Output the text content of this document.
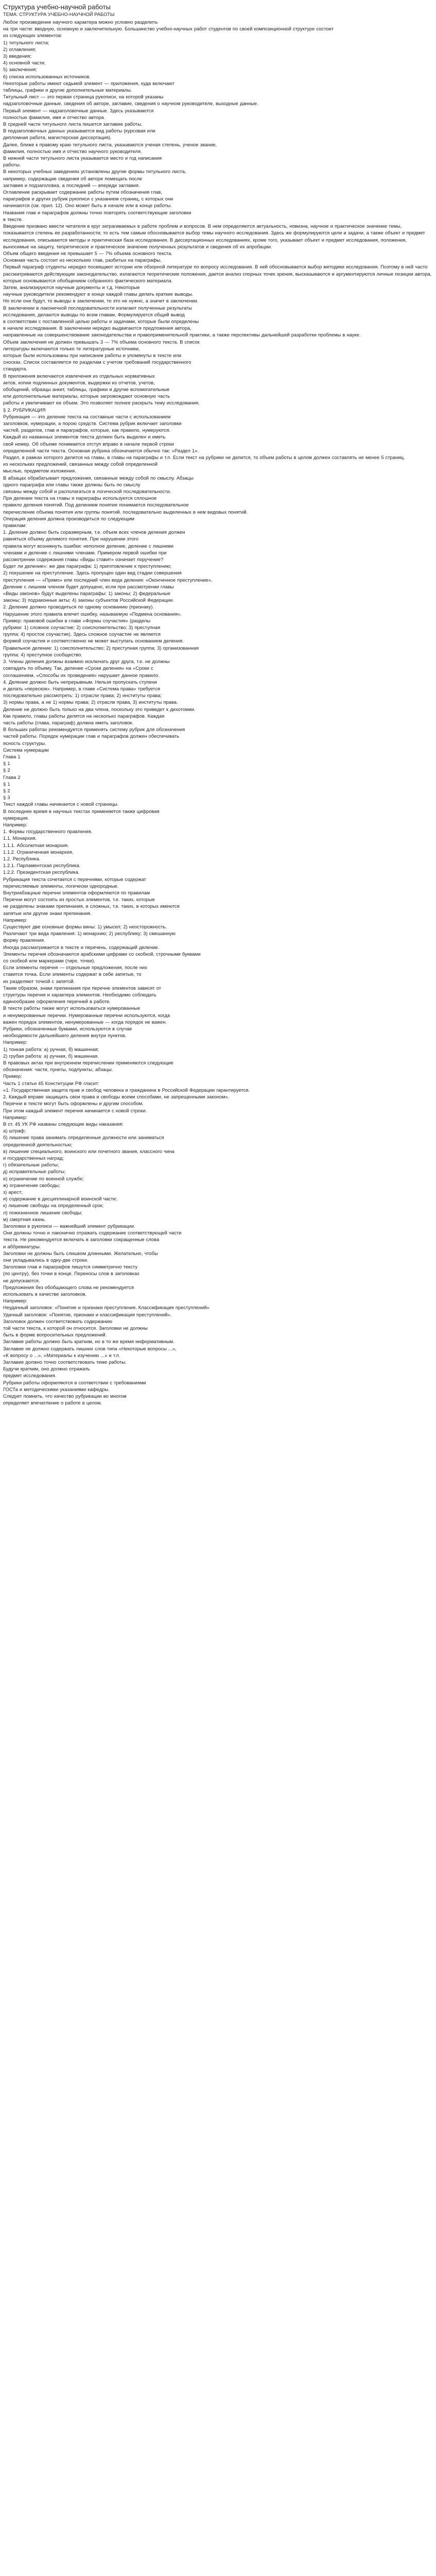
Структура учебно-научной работы
ТЕМА: СТРУКТУРА УЧЕБНО-НАУЧНОЙ РАБОТЫ
Любое произведение научного характера можно условно разделить
на три части: вводную, основную и заключительную. Большинство учебно-научных работ студентов по своей композиционной структуре состоит
из следующих элементов:
1) титульного листа;
2) оглавления;
3) введения;
4) основной части;
5) заключения;
6) списка использованных источников.
Некоторые работы имеют седьмой элемент — приложения, куда включают
таблицы, графики и другие дополнительные материалы.
Титульный лист — это первая страница рукописи, на которой указаны
надзаголовочные данные, сведения об авторе, заглавие, сведения о научном руководителе, выходные данные.
Первый элемент — надзаголовочные данные. Здесь указываются
полностью фамилия, имя и отчество автора.
В средней части титульного листа пишется заглавие работы.
В подзаголовочных данных указывается вид работы (курсовая или
дипломная работа, магистерская диссертация).
Далее, ближе к правому краю титульного листа, указываются ученая степень, ученое звание,
фамилия, полностью имя и отчество научного руководителя.
В нижней части титульного листа указывается место и год написания
работы.
В некоторых учебных заведениях установлены другие формы титульного листа,
например, содержащие сведения об авторе помещать после
заглавия и подзаголовка, а последний — впереди заглавия.
Оглавление раскрывает содержание работы путем обозначения глав,
параграфов и других рубрик рукописи с указанием страниц, с которых они
начинаются (см. прил. 12). Оно может быть в начале или в конце работы.
Названия глав и параграфов должны точно повторять соответствующие заголовки
в тексте.
Введение призвано ввести читателя в круг затрагиваемых в работе проблем и вопросов. В нем определяются актуальность, новизна, научное и практическое значение темы, показывается степень ее разработанности; то есть тем самым обосновывается выбор темы научного исследования. Здесь же формулируются цели и задачи, а также объект и предмет исследования, описываются методы и практическая база исследования. В диссертационных исследованиях, кроме того, указывает объект и предмет исследования, положения, выносимые на защиту, теоретическое и практическое значение полученных результатов и сведения об их апробации.
Объем общего введения не превышает 5 — 7% объема основного текста.
Основная часть состоит из нескольких глав, разбитых на параграфы.
Первый параграф студенты нередко посвящают истории или обзорной литературе по вопросу исследования. В ней обосновывается выбор методики исследования. Поэтому в ней часто рассматриваются действующие законодательство, излагаются теоретические положения, дается анализ спорных точек зрения, высказываются и аргументируются личные позиции автора, которые основываются обобщением собранного фактического материала.
Затем, анализируются научные документы и т.д. Некоторые
научные руководители рекомендуют в конце каждой главы делать краткие выводы.
Но если они будут, то выводы в заключении, то это не нужно, а значит в заключении.
В заключении в лаконичной последовательности излагают полученные результаты
исследования, делаются выводы по всем главам. Формулируется общий вывод
в соответствии с поставленной целью работы и задачами, которые были определены
в начале исследования. В заключении нередко выдвигаются предложения автора,
направленные на совершенствование законодательства и правоприменительной практики, а также перспективы дальнейшей разработки проблемы в науке.
Объем заключения не должен превышать 3 — 7% объема основного текста. В список
литературы включаются только те литературные источники,
которые были использованы при написании работы и упомянуты в тексте или
сносках. Список составляется по разделам с учетом требований государственного
стандарта.
В приложения включаются извлечения из отдельных нормативных
актов, копии подлинных документов, выдержки из отчетов, учетов,
обобщений, образцы анкет, таблицы, графики и другие вспомогательные
или дополнительные материалы, которые загромождают основную часть
работы и увеличивают ее объем. Это позволяет полнее раскрыть тему исследования.
§ 2. РУБРИКАЦИЯ
Рубрикация — это деление текста на составные части с использованием
заголовков, нумерации, а порою средств. Система рубрик включает заголовки
частей, разделов, глав и параграфов, которые, как правило, нумеруются.
Каждый из названных элементов текста должен быть выделен и иметь
свой номер. Об объеме понимается отступ вправо в начале первой строки
определенной части текста. Основная рубрика обозначается обычно так: «Раздел 1».
Раздел, в рамках которого делится на главы, в главы на параграфы и т.п. Если текст на рубрики не делится, то объем работы в целом должен составлять не менее 5 страниц.
из нескольких предложений, связанных между собой определенной
мыслью, предметом изложения.
В абзацах обрабатывает предложения, связанные между собой по смыслу. Абзацы
одного параграфа или главы также должны быть по смыслу
связаны между собой и располагаться в логической последовательности.
При делении текста на главы и параграфы используется сплошное
правило деления понятий. Под делением понятия понимается последовательное
перечисление объема понятия или группы понятий, последовательно выделенных в нем видовых понятий.
Операция деления должна производиться по следующим
правилам:
1. Деление должно быть соразмерным, т.е. объем всех членов деления должен
равняться объему делимого понятия. При нарушении этого
правила могут возникнуть ошибки: неполное деление, деление с лишними
членами и деление с лишними членами. Примером первой ошибки при
рассмотрении содержания главы «Виды ставит» означает поручение?
Будет ли деление»: же два параграфа: 1) приготовление к преступлению;
2) покушение на преступление. Здесь пропущен один вид стадии совершения
преступления — «Прямо» или последний член вида деления: «Оконченное преступление».
Деление с лишним членом будет допущено, если при рассмотрении главы
«Виды законов» будут выделены параграфы: 1) законы; 2) федеральные
законы; 3) подзаконные акты; 4) законы субъектов Российской Федерации.
2. Деление должно проводиться по одному основанию (признаку).
Нарушение этого правила влечет ошибку, называемую «Подмена основания».
Пример: правовой ошибки в главе «Формы соучастия» (разделы
рубрики: 1) сложное соучастие; 2) соисполнительство; 3) преступная
группа; 4) простое соучастие). Здесь сложное соучастие не является
формой соучастия и соответственно не может выступать основанием деления.
Правильное деление: 1) соисполнительство; 2) преступная группа; 3) организованная
группа; 4) преступное сообщество.
3. Члены деления должны взаимно исключать друг друга, т.е. не должны
совпадать по объему. Так, деление «Сроки деления» на «Сроки с
соглашением, «Способы их проведения» нарушает данное правило.
4. Деление должно быть непрерывным. Нельзя пропускать ступени
и делать «перескок». Например, в главе «Система права» требуется
последовательно рассмотреть: 1) отрасли права; 2) институты права;
3) нормы права, а не 1) нормы права; 2) отрасли права, 3) институты права.
Деление не должно быть только на два члена, поскольку это приведет к дихотомии.
Как правило, главы работы делятся на несколько параграфов. Каждая
часть работы (глава, параграф) должна иметь заголовок.
В больших работах рекомендуется применять систему рубрик для обозначения
частей работы. Порядок нумерации глав и параграфов должен обеспечивать
ясность структуры.
Система нумерации
Глава 1
§ 1
§ 2
Глава 2
§ 1
§ 2
§ 3
Текст каждой главы начинается с новой страницы.
В последнее время в научных текстах применяется также цифровая
нумерация.
Например:
1. Формы государственного правления.
1.1. Монархия.
1.1.1. Абсолютная монархия.
1.1.2. Ограниченная монархия.
1.2. Республика.
1.2.1. Парламентская республика.
1.2.2. Президентская республика.
Рубрикация текста сочетается с перечнями, которые содержат
перечисляемые элементы, логически однородные.
Внутриабзацные перечни элементов оформляются по правилам
Перечни могут состоять из простых элементов, т.е. таких, которые
не разделены знаками препинания, и сложных, т.е. таких, в которых имеются
запятые или другие знаки препинания.
Например:
Существуют две основные формы вины: 1) умысел; 2) неосторожность.
Различают три вида правления: 1) монархию; 2) республику; 3) смешанную
форму правления.
Иногда рассматривается в тексте и перечень, содержащий деление.
Элементы перечня обозначаются арабскими цифрами со скобкой, строчными буквами
со скобкой или маркерами (тире, точки).
Если элементы перечня — отдельные предложения, после них
ставится точка. Если элементы содержат в себе запятые, то
их разделяют точкой с запятой.
Таким образом, знаки препинания при перечне элементов зависят от
структуры перечня и характера элементов. Необходимо соблюдать
единообразие оформления перечней в работе.
В тексте работы также могут использоваться нумерованные
и ненумерованные перечни. Нумерованные перечни используются, когда
важен порядок элементов, ненумерованные — когда порядок не важен.
Рубрики, обозначенные буквами, используются в случае
необходимости дальнейшего деления внутри пунктов.
Например:
1) тонкая работа: а) ручная, б) машинная;
2) грубая работа: а) ручная, б) машинная.
В правовых актах при внутреннем перечислении применяются следующие
обозначения: части, пункты, подпункты, абзацы.
Пример:
Часть 1 статьи 45 Конституции РФ гласит:
«1. Государственная защита прав и свобод человека и гражданина в Российской Федерации гарантируется.
2. Каждый вправе защищать свои права и свободы всеми способами, не запрещенными законом».
Перечни в тексте могут быть оформлены и другим способом.
При этом каждый элемент перечня начинается с новой строки.
Например:
В ст. 45 УК РФ названы следующие виды наказания:
а) штраф;
б) лишение права занимать определенные должности или заниматься
определенной деятельностью;
в) лишение специального, воинского или почетного звания, классного чина
и государственных наград;
г) обязательные работы;
д) исправительные работы;
е) ограничение по военной службе;
ж) ограничение свободы;
з) арест;
и) содержание в дисциплинарной воинской части;
к) лишение свободы на определенный срок;
л) пожизненное лишение свободы;
м) смертная казнь.
Заголовки в рукописи — важнейший элемент рубрикации.
Они должны точно и лаконично отражать содержание соответствующей части
текста. Не рекомендуется включать в заголовки сокращенные слова
и аббревиатуры.
Заголовки не должны быть слишком длинными. Желательно, чтобы
они укладывались в одну-две строки.
Заголовки глав и параграфов пишутся симметрично тексту
(по центру), без точки в конце. Переносы слов в заголовках
не допускаются.
Предложения без обобщающего слова не рекомендуется
использовать в качестве заголовков.
Например:
Неудачный заголовок: «Понятие и признаки преступления. Классификация преступлений»
Удачный заголовок: «Понятие, признаки и классификация преступлений».
Заголовок должен соответствовать содержанию
той части текста, к которой он относится. Заголовки не должны
быть в форме вопросительных предложений.
Заглавие работы должно быть кратким, но в то же время информативным.
Заглавие не должно содержать лишних слов типа «Некоторые вопросы ...»,
«К вопросу о ...», «Материалы к изучению ...» и т.п.
Заглавие должно точно соответствовать теме работы.
Будучи кратким, оно должно отражать
предмет исследования.
Рубрики работы оформляются в соответствии с требованиями
ГОСТа и методическими указаниями кафедры.
Следует помнить, что качество рубрикации во многом
определяет впечатление о работе в целом.
